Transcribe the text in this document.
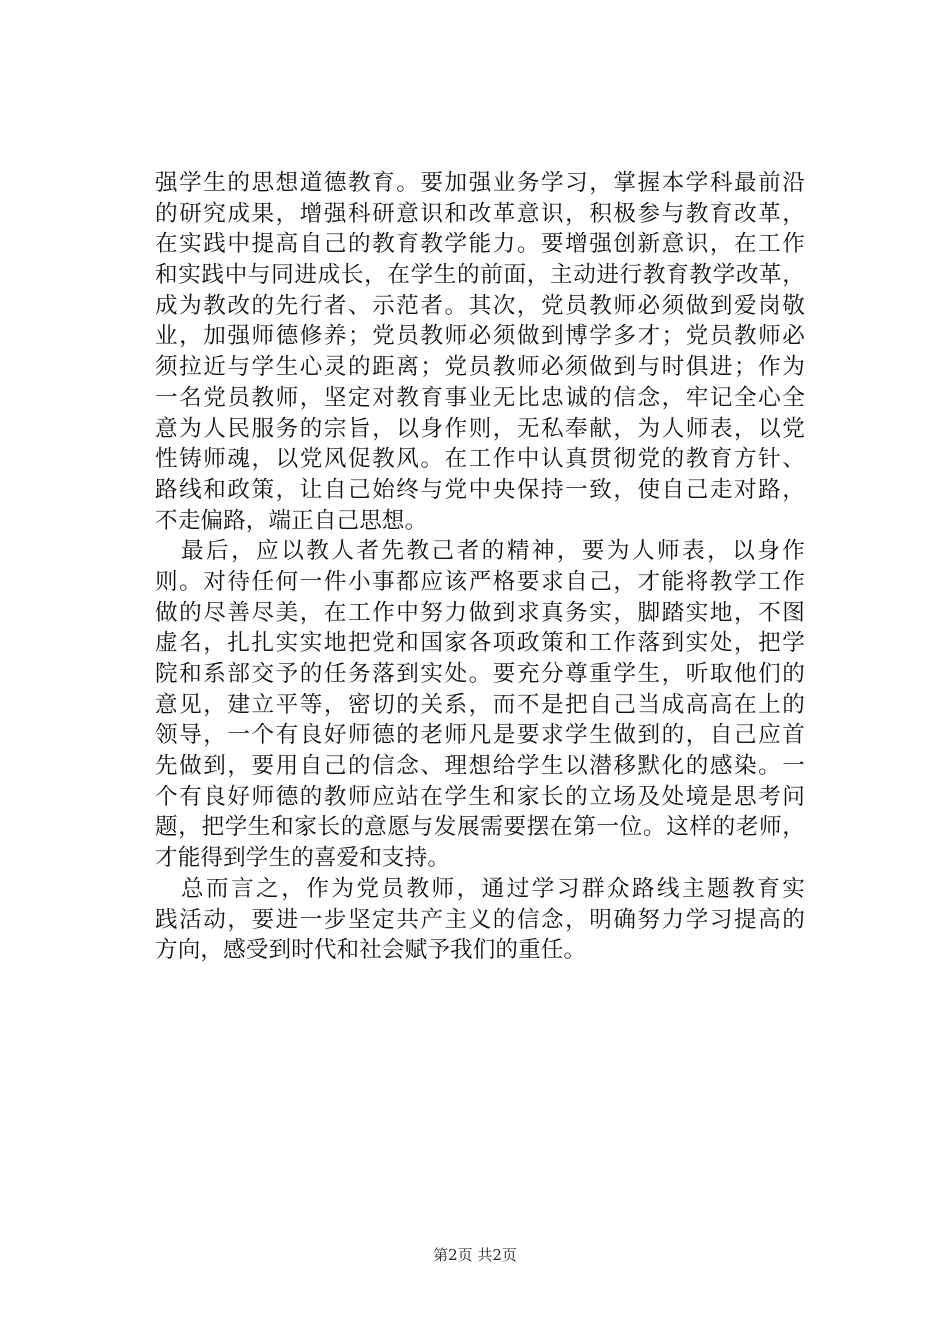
强学生的思想道德教育。要加强业务学习，掌握本学科最前沿
的研究成果，增强科研意识和改革意识，积极参与教育改革，
在实践中提高自己的教育教学能力。要增强创新意识，在工作
和实践中与同进成长，在学生的前面，主动进行教育教学改革，
成为教改的先行者、示范者。其次，党员教师必须做到爱岗敬
业，加强师德修养；党员教师必须做到博学多才；党员教师必
须拉近与学生心灵的距离；党员教师必须做到与时俱进；作为
一名党员教师，坚定对教育事业无比忠诚的信念，牢记全心全
意为人民服务的宗旨，以身作则，无私奉献，为人师表，以党
性铸师魂，以党风促教风。在工作中认真贯彻党的教育方针、
路线和政策，让自己始终与党中央保持一致，使自己走对路，
不走偏路，端正自己思想。
最后，应以教人者先教己者的精神，要为人师表，以身作
则。对待任何一件小事都应该严格要求自己，才能将教学工作
做的尽善尽美，在工作中努力做到求真务实，脚踏实地，不图
虚名，扎扎实实地把党和国家各项政策和工作落到实处，把学
院和系部交予的任务落到实处。要充分尊重学生，听取他们的
意见，建立平等，密切的关系，而不是把自己当成高高在上的
领导，一个有良好师德的老师凡是要求学生做到的，自己应首
先做到，要用自己的信念、理想给学生以潜移默化的感染。一
个有良好师德的教师应站在学生和家长的立场及处境是思考问
题，把学生和家长的意愿与发展需要摆在第一位。这样的老师，
才能得到学生的喜爱和支持。
总而言之，作为党员教师，通过学习群众路线主题教育实
践活动，要进一步坚定共产主义的信念，明确努力学习提高的
方向，感受到时代和社会赋予我们的重任。
第2页 共2页
